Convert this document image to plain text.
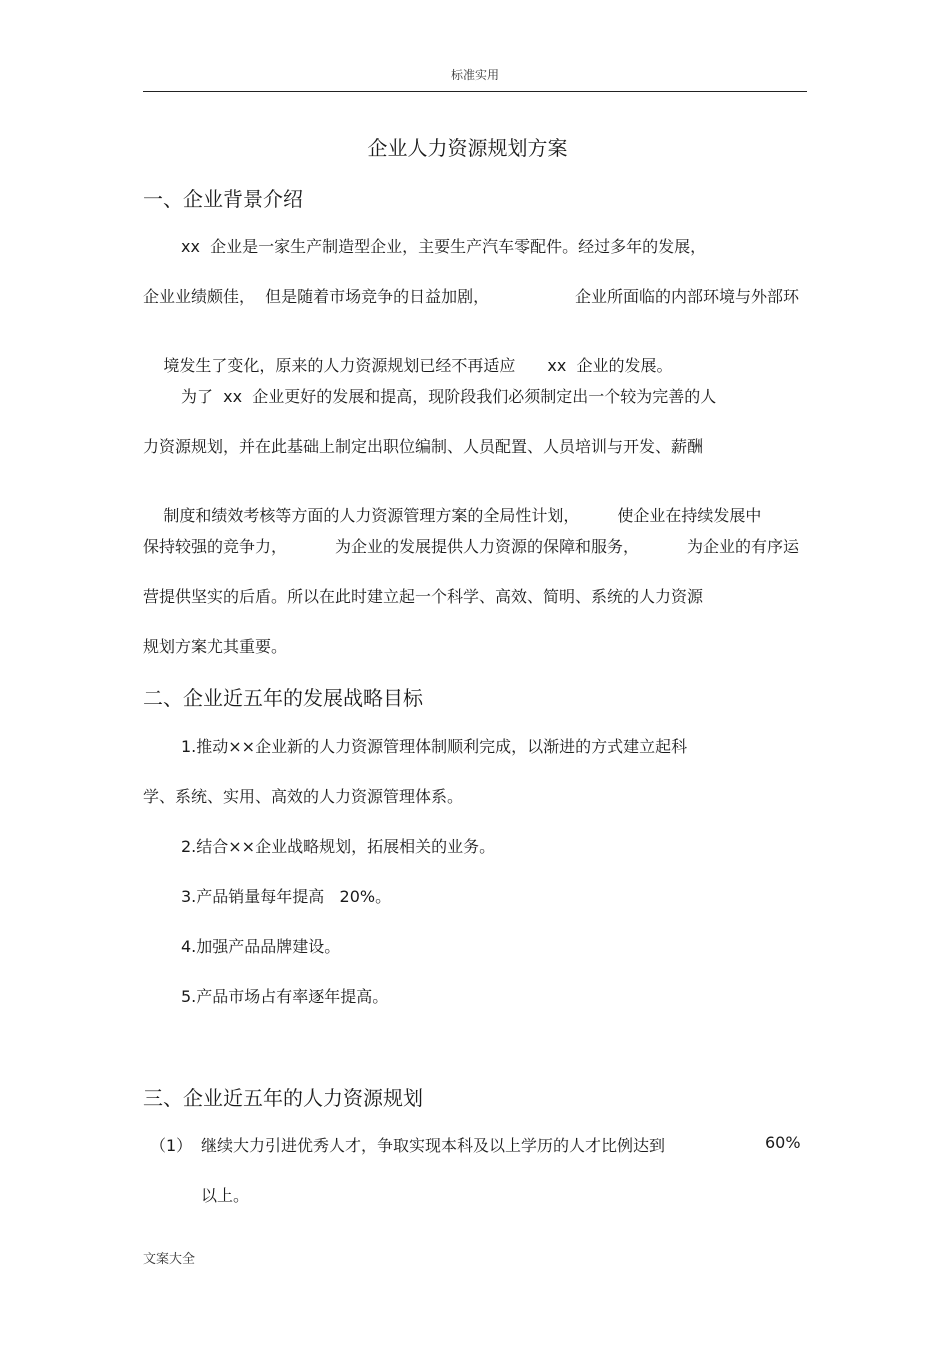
标准实用
企业人力资源规划方案
一、企业背景介绍
xx  企业是一家生产制造型企业，主要生产汽车零配件。经过多年的发展，
企业业绩颇佳，  但是随着市场竞争的日益加剧，	企业所面临的内部环境与外部环

境发生了变化，原来的人力资源规划已经不再适应 xx  企业的发展。

为了  xx  企业更好的发展和提高，现阶段我们必须制定出一个较为完善的人
力资源规划，并在此基础上制定出职位编制、人员配置、人员培训与开发、薪酬

制度和绩效考核等方面的人力资源管理方案的全局性计划， 使企业在持续发展中

保持较强的竞争力，	为企业的发展提供人力资源的保障和服务，	为企业的有序运
营提供坚实的后盾。所以在此时建立起一个科学、高效、简明、系统的人力资源
规划方案尤其重要。
二、企业近五年的发展战略目标
1.推动××企业新的人力资源管理体制顺利完成，以渐进的方式建立起科
学、系统、实用、高效的人力资源管理体系。
2.结合××企业战略规划，拓展相关的业务。
3.产品销量每年提高   20%。
4.加强产品品牌建设。
5.产品市场占有率逐年提高。
三、企业近五年的人力资源规划
（1） 继续大力引进优秀人才，争取实现本科及以上学历的人才比例达到	60%
以上。
文案大全
